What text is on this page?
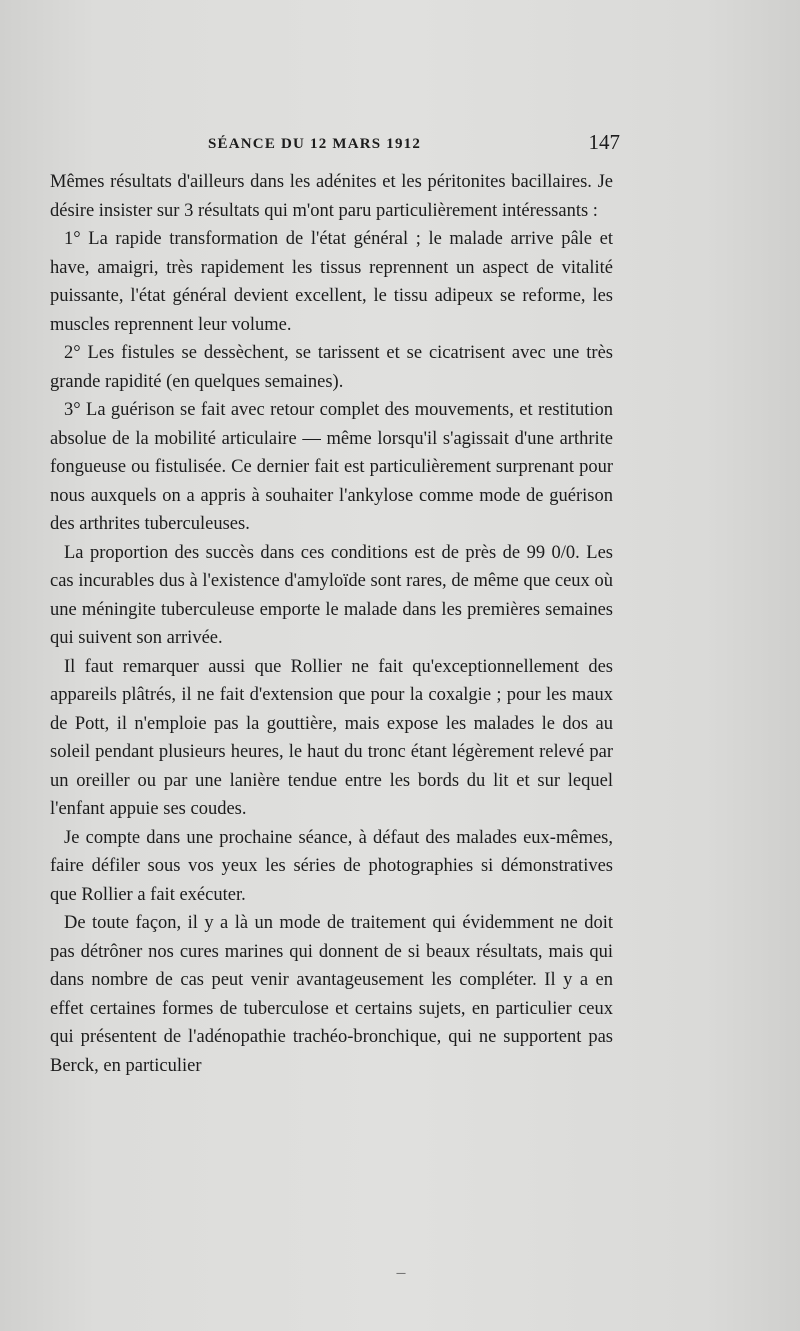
SÉANCE DU 12 MARS 1912	147

Mêmes résultats d'ailleurs dans les adénites et les péritonites bacillaires. Je désire insister sur 3 résultats qui m'ont paru particulièrement intéressants :

1° La rapide transformation de l'état général ; le malade arrive pâle et have, amaigri, très rapidement les tissus reprennent un aspect de vitalité puissante, l'état général devient excellent, le tissu adipeux se reforme, les muscles reprennent leur volume.

2° Les fistules se dessèchent, se tarissent et se cicatrisent avec une très grande rapidité (en quelques semaines).

3° La guérison se fait avec retour complet des mouvements, et restitution absolue de la mobilité articulaire — même lorsqu'il s'agissait d'une arthrite fongueuse ou fistulisée. Ce dernier fait est particulièrement surprenant pour nous auxquels on a appris à souhaiter l'ankylose comme mode de guérison des arthrites tuberculeuses.

La proportion des succès dans ces conditions est de près de 99 0/0. Les cas incurables dus à l'existence d'amyloïde sont rares, de même que ceux où une méningite tuberculeuse emporte le malade dans les premières semaines qui suivent son arrivée.

Il faut remarquer aussi que Rollier ne fait qu'exceptionnellement des appareils plâtrés, il ne fait d'extension que pour la coxalgie ; pour les maux de Pott, il n'emploie pas la gouttière, mais expose les malades le dos au soleil pendant plusieurs heures, le haut du tronc étant légèrement relevé par un oreiller ou par une lanière tendue entre les bords du lit et sur lequel l'enfant appuie ses coudes.

Je compte dans une prochaine séance, à défaut des malades eux-mêmes, faire défiler sous vos yeux les séries de photographies si démonstratives que Rollier a fait exécuter.

De toute façon, il y a là un mode de traitement qui évidemment ne doit pas détrôner nos cures marines qui donnent de si beaux résultats, mais qui dans nombre de cas peut venir avantageusement les compléter. Il y a en effet certaines formes de tuberculose et certains sujets, en particulier ceux qui présentent de l'adénopathie trachéo-bronchique, qui ne supportent pas Berck, en particulier

—
